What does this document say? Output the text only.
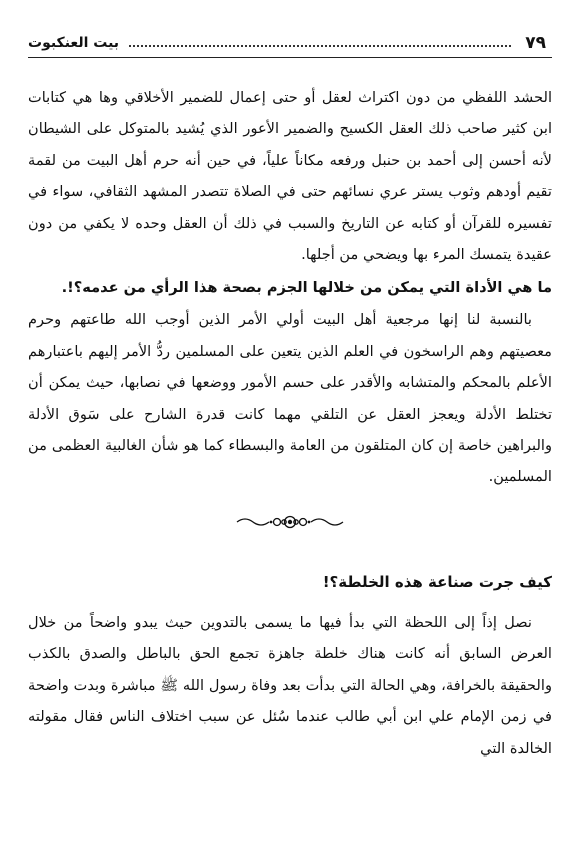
٧٩
بيت العنكبوت

الحشد اللفظي من دون اكتراث لعقل أو حتى إعمال للضمير الأخلاقي وها هي كتابات ابن كثير صاحب ذلك العقل الكسيح والضمير الأعور الذي يُشيد بالمتوكل على الشيطان لأنه أحسن إلى أحمد بن حنبل ورفعه مكاناً علياً، في حين أنه حرم أهل البيت من لقمة تقيم أودهم وثوب يستر عري نسائهم حتى في الصلاة تتصدر المشهد الثقافي، سواء في تفسيره للقرآن أو كتابه عن التاريخ والسبب في ذلك أن العقل وحده لا يكفي من دون عقيدة يتمسك المرء بها ويضحي من أجلها.

ما هي الأداة التي يمكن من خلالها الجزم بصحة هذا الرأي من عدمه؟!.

بالنسبة لنا إنها مرجعية أهل البيت أولي الأمر الذين أوجب الله طاعتهم وحرم معصيتهم وهم الراسخون في العلم الذين يتعين على المسلمين ردُّ الأمر إليهم باعتبارهم الأعلم بالمحكم والمتشابه والأقدر على حسم الأمور ووضعها في نصابها، حيث يمكن أن تختلط الأدلة ويعجز العقل عن التلقي مهما كانت قدرة الشارح على سَوق الأدلة والبراهين خاصة إن كان المتلقون من العامة والبسطاء كما هو شأن الغالبية العظمى من المسلمين.

كيف جرت صناعة هذه الخلطة؟!

نصل إذاً إلى اللحظة التي بدأ فيها ما يسمى بالتدوين حيث يبدو واضحاً من خلال العرض السابق أنه كانت هناك خلطة جاهزة تجمع الحق بالباطل والصدق بالكذب والحقيقة بالخرافة، وهي الحالة التي بدأت بعد وفاة رسول الله ﷺ مباشرة وبدت واضحة في زمن الإمام علي ابن أبي طالب عندما سُئل عن سبب اختلاف الناس فقال مقولته الخالدة التي
